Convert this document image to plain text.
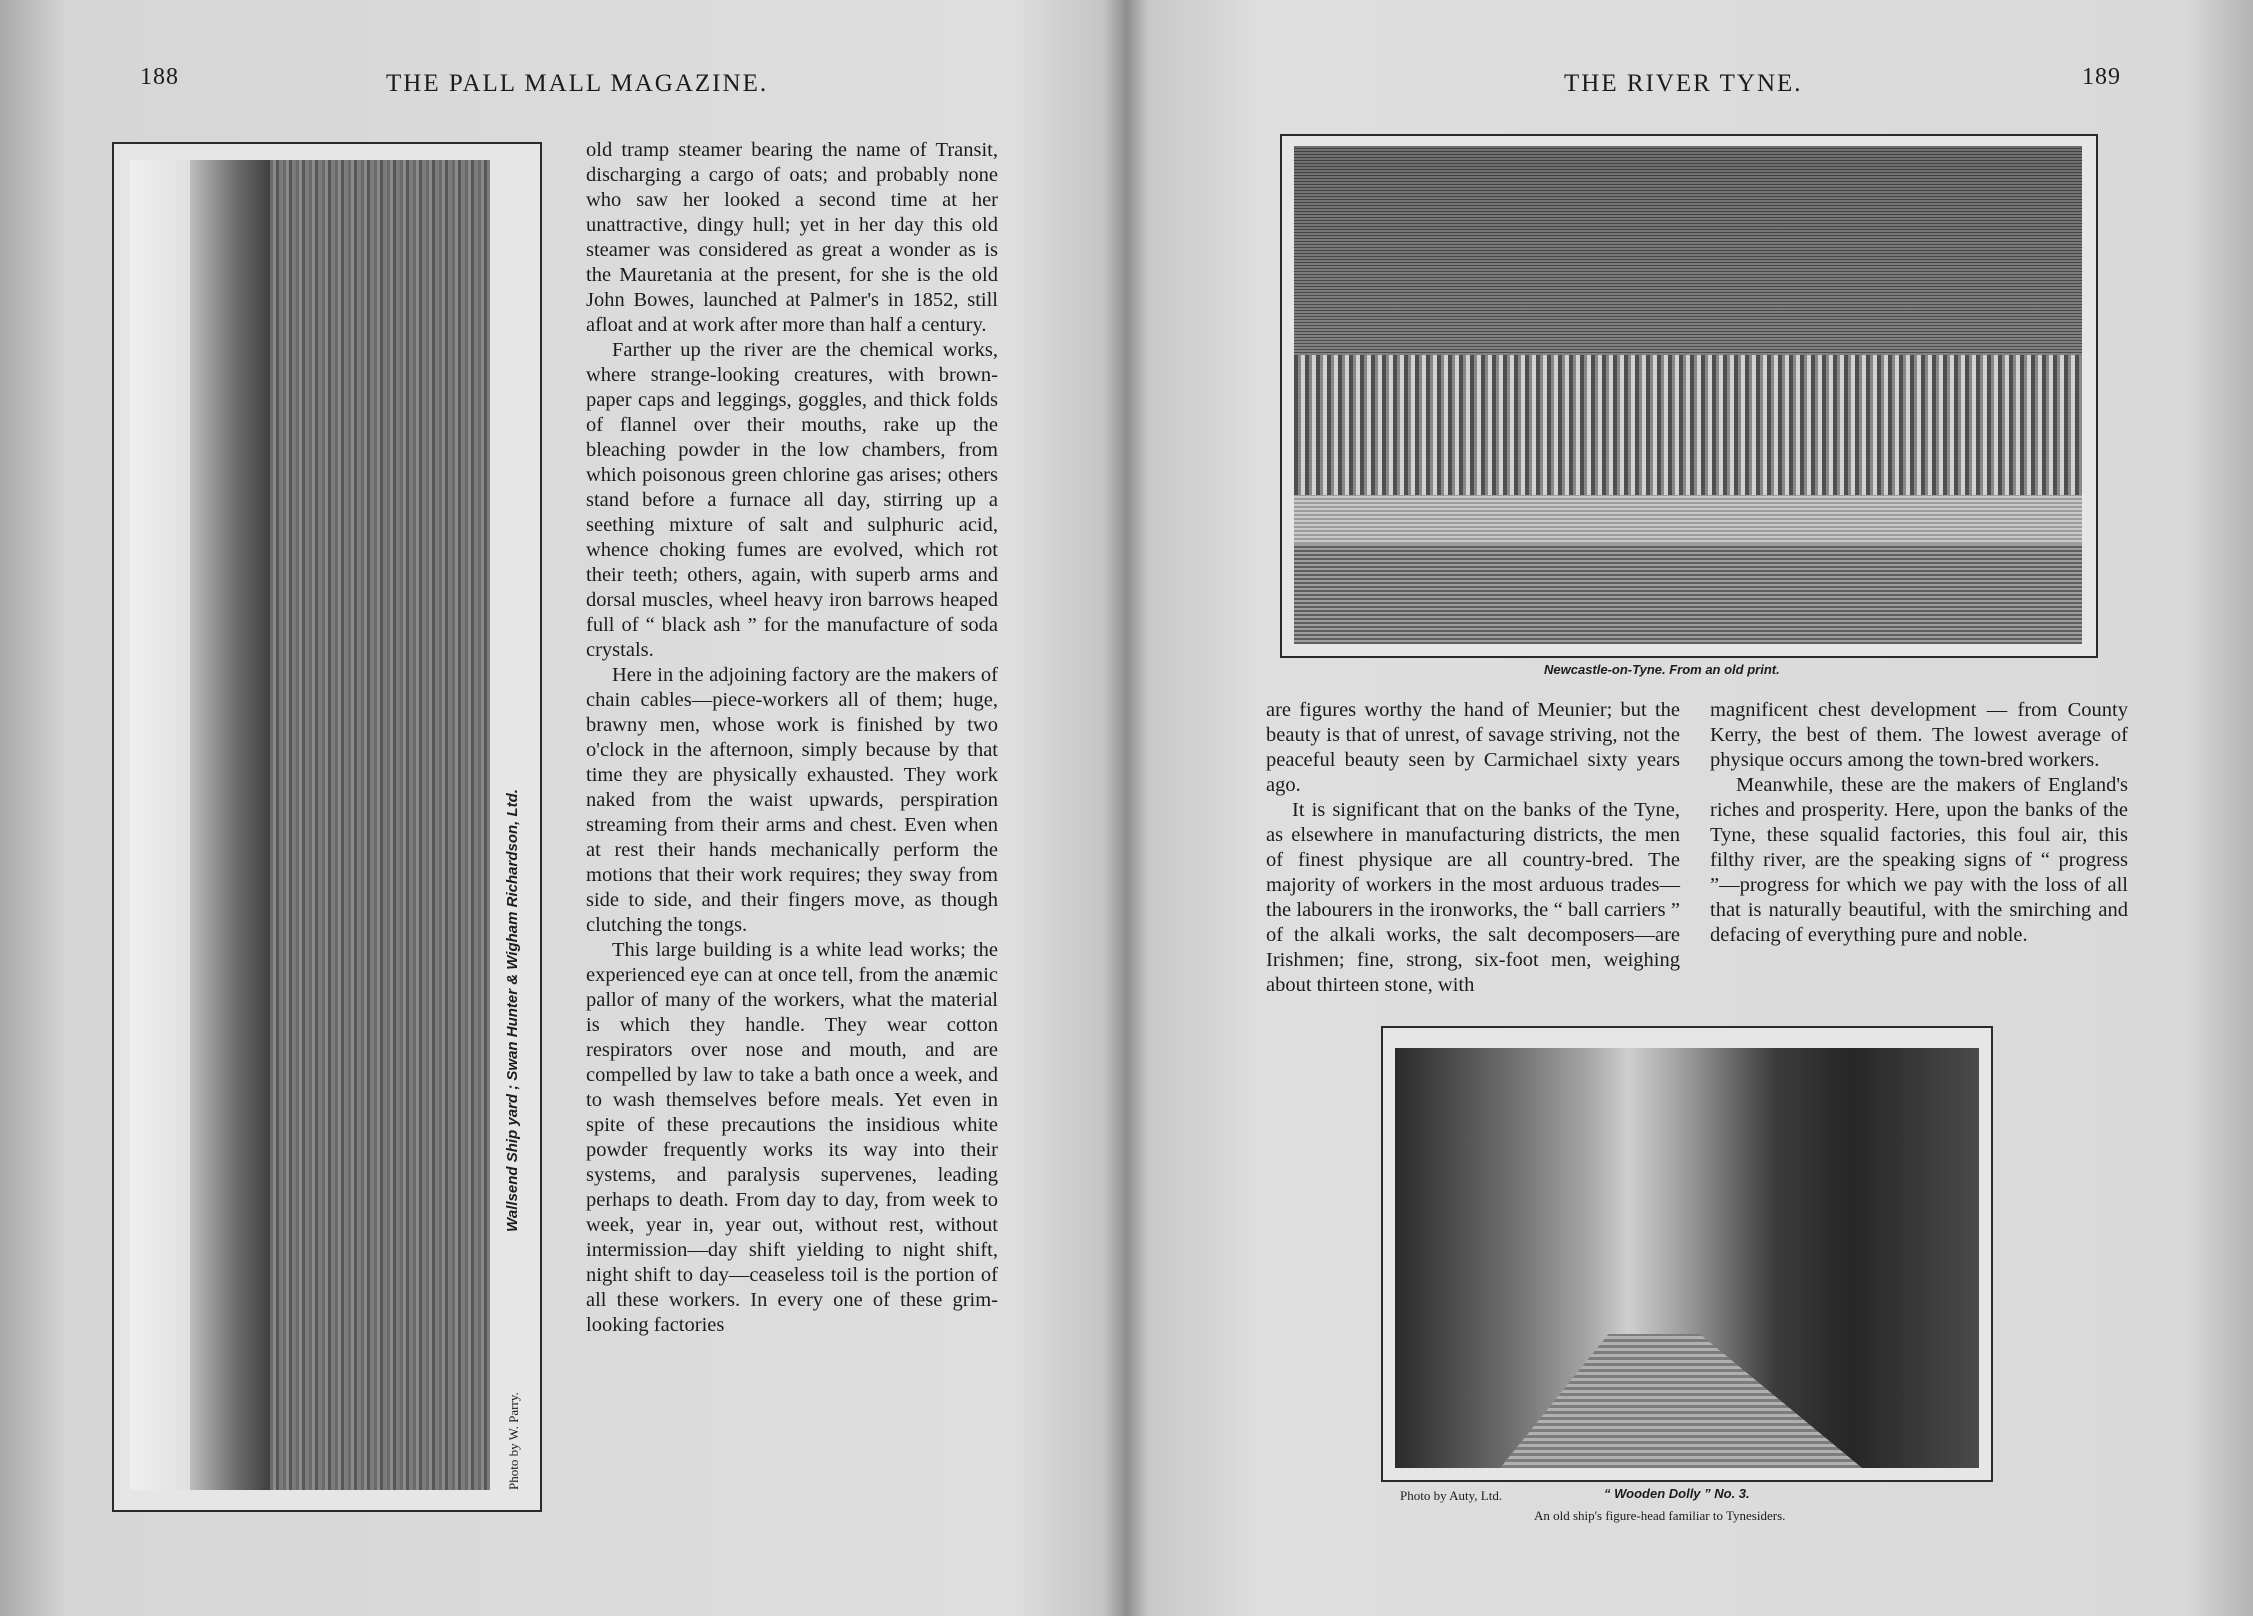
188	THE PALL MALL MAGAZINE.
Wallsend Ship yard ; Swan Hunter & Wigham Richardson, Ltd.
Photo by W. Parry.

old tramp steamer bearing the name of Transit, discharging a cargo of oats; and probably none who saw her looked a second time at her unattractive, dingy hull; yet in her day this old steamer was considered as great a wonder as is the Mauretania at the present, for she is the old John Bowes, launched at Palmer's in 1852, still afloat and at work after more than half a century.

Farther up the river are the chemical works, where strange-looking creatures, with brown-paper caps and leggings, goggles, and thick folds of flannel over their mouths, rake up the bleaching powder in the low chambers, from which poisonous green chlorine gas arises; others stand before a furnace all day, stirring up a seething mixture of salt and sulphuric acid, whence choking fumes are evolved, which rot their teeth; others, again, with superb arms and dorsal muscles, wheel heavy iron barrows heaped full of “ black ash ” for the manufacture of soda crystals.

Here in the adjoining factory are the makers of chain cables—piece-workers all of them; huge, brawny men, whose work is finished by two o'clock in the afternoon, simply because by that time they are physically exhausted. They work naked from the waist upwards, perspiration streaming from their arms and chest. Even when at rest their hands mechanically perform the motions that their work requires; they sway from side to side, and their fingers move, as though clutching the tongs.

This large building is a white lead works; the experienced eye can at once tell, from the anæmic pallor of many of the workers, what the material is which they handle. They wear cotton respirators over nose and mouth, and are compelled by law to take a bath once a week, and to wash themselves before meals. Yet even in spite of these precautions the insidious white powder frequently works its way into their systems, and paralysis supervenes, leading perhaps to death. From day to day, from week to week, year in, year out, without rest, without intermission—day shift yielding to night shift, night shift to day—ceaseless toil is the portion of all these workers. In every one of these grim-looking factories

THE RIVER TYNE.	189
Newcastle-on-Tyne. From an old print.

are figures worthy the hand of Meunier; but the beauty is that of unrest, of savage striving, not the peaceful beauty seen by Carmichael sixty years ago.

It is significant that on the banks of the Tyne, as elsewhere in manufacturing districts, the men of finest physique are all country-bred. The majority of workers in the most arduous trades—the labourers in the ironworks, the “ ball carriers ” of the alkali works, the salt decomposers—are Irishmen; fine, strong, six-foot men, weighing about thirteen stone, with

magnificent chest development — from County Kerry, the best of them. The lowest average of physique occurs among the town-bred workers.

Meanwhile, these are the makers of England's riches and prosperity. Here, upon the banks of the Tyne, these squalid factories, this foul air, this filthy river, are the speaking signs of “ progress ”—progress for which we pay with the loss of all that is naturally beautiful, with the smirching and defacing of everything pure and noble.

Photo by Auty, Ltd.	“ Wooden Dolly ” No. 3.
An old ship's figure-head familiar to Tynesiders.
